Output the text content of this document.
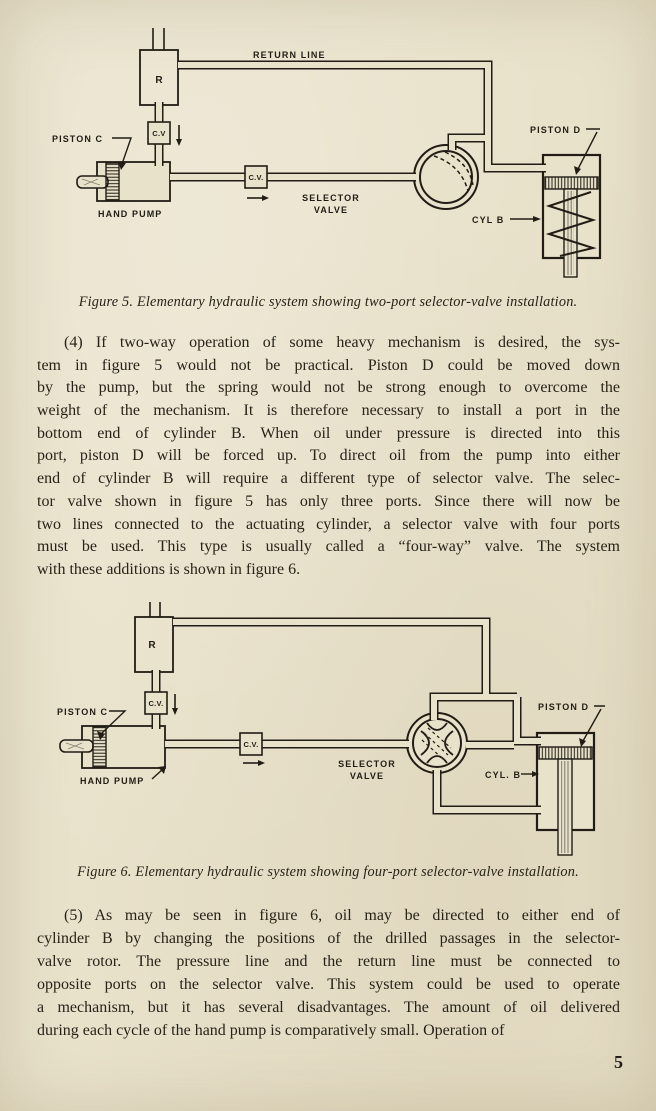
R
C.V
C.V.
RETURN LINE
PISTON C
HAND PUMP
SELECTOR
VALVE
CYL B
PISTON D
Figure 5. Elementary hydraulic system showing two-port selector-valve installation.
(4) If two-way operation of some heavy mechanism is desired, the sys-
tem in figure 5 would not be practical. Piston D could be moved down
by the pump, but the spring would not be strong enough to overcome the
weight of the mechanism. It is therefore necessary to install a port in the
bottom end of cylinder B. When oil under pressure is directed into this
port, piston D will be forced up. To direct oil from the pump into either
end of cylinder B will require a different type of selector valve. The selec-
tor valve shown in figure 5 has only three ports. Since there will now be
two lines connected to the actuating cylinder, a selector valve with four ports
must be used. This type is usually called a “four-way” valve. The system
with these additions is shown in figure 6.
R
C.V.
C.V.
PISTON C
HAND PUMP
SELECTOR
VALVE	CYL. B
PISTON D
Figure 6. Elementary hydraulic system showing four-port selector-valve installation.
(5) As may be seen in figure 6, oil may be directed to either end of
cylinder B by changing the positions of the drilled passages in the selector-
valve rotor. The pressure line and the return line must be connected to
opposite ports on the selector valve. This system could be used to operate
a mechanism, but it has several disadvantages. The amount of oil delivered
during each cycle of the hand pump is comparatively small. Operation of
5
